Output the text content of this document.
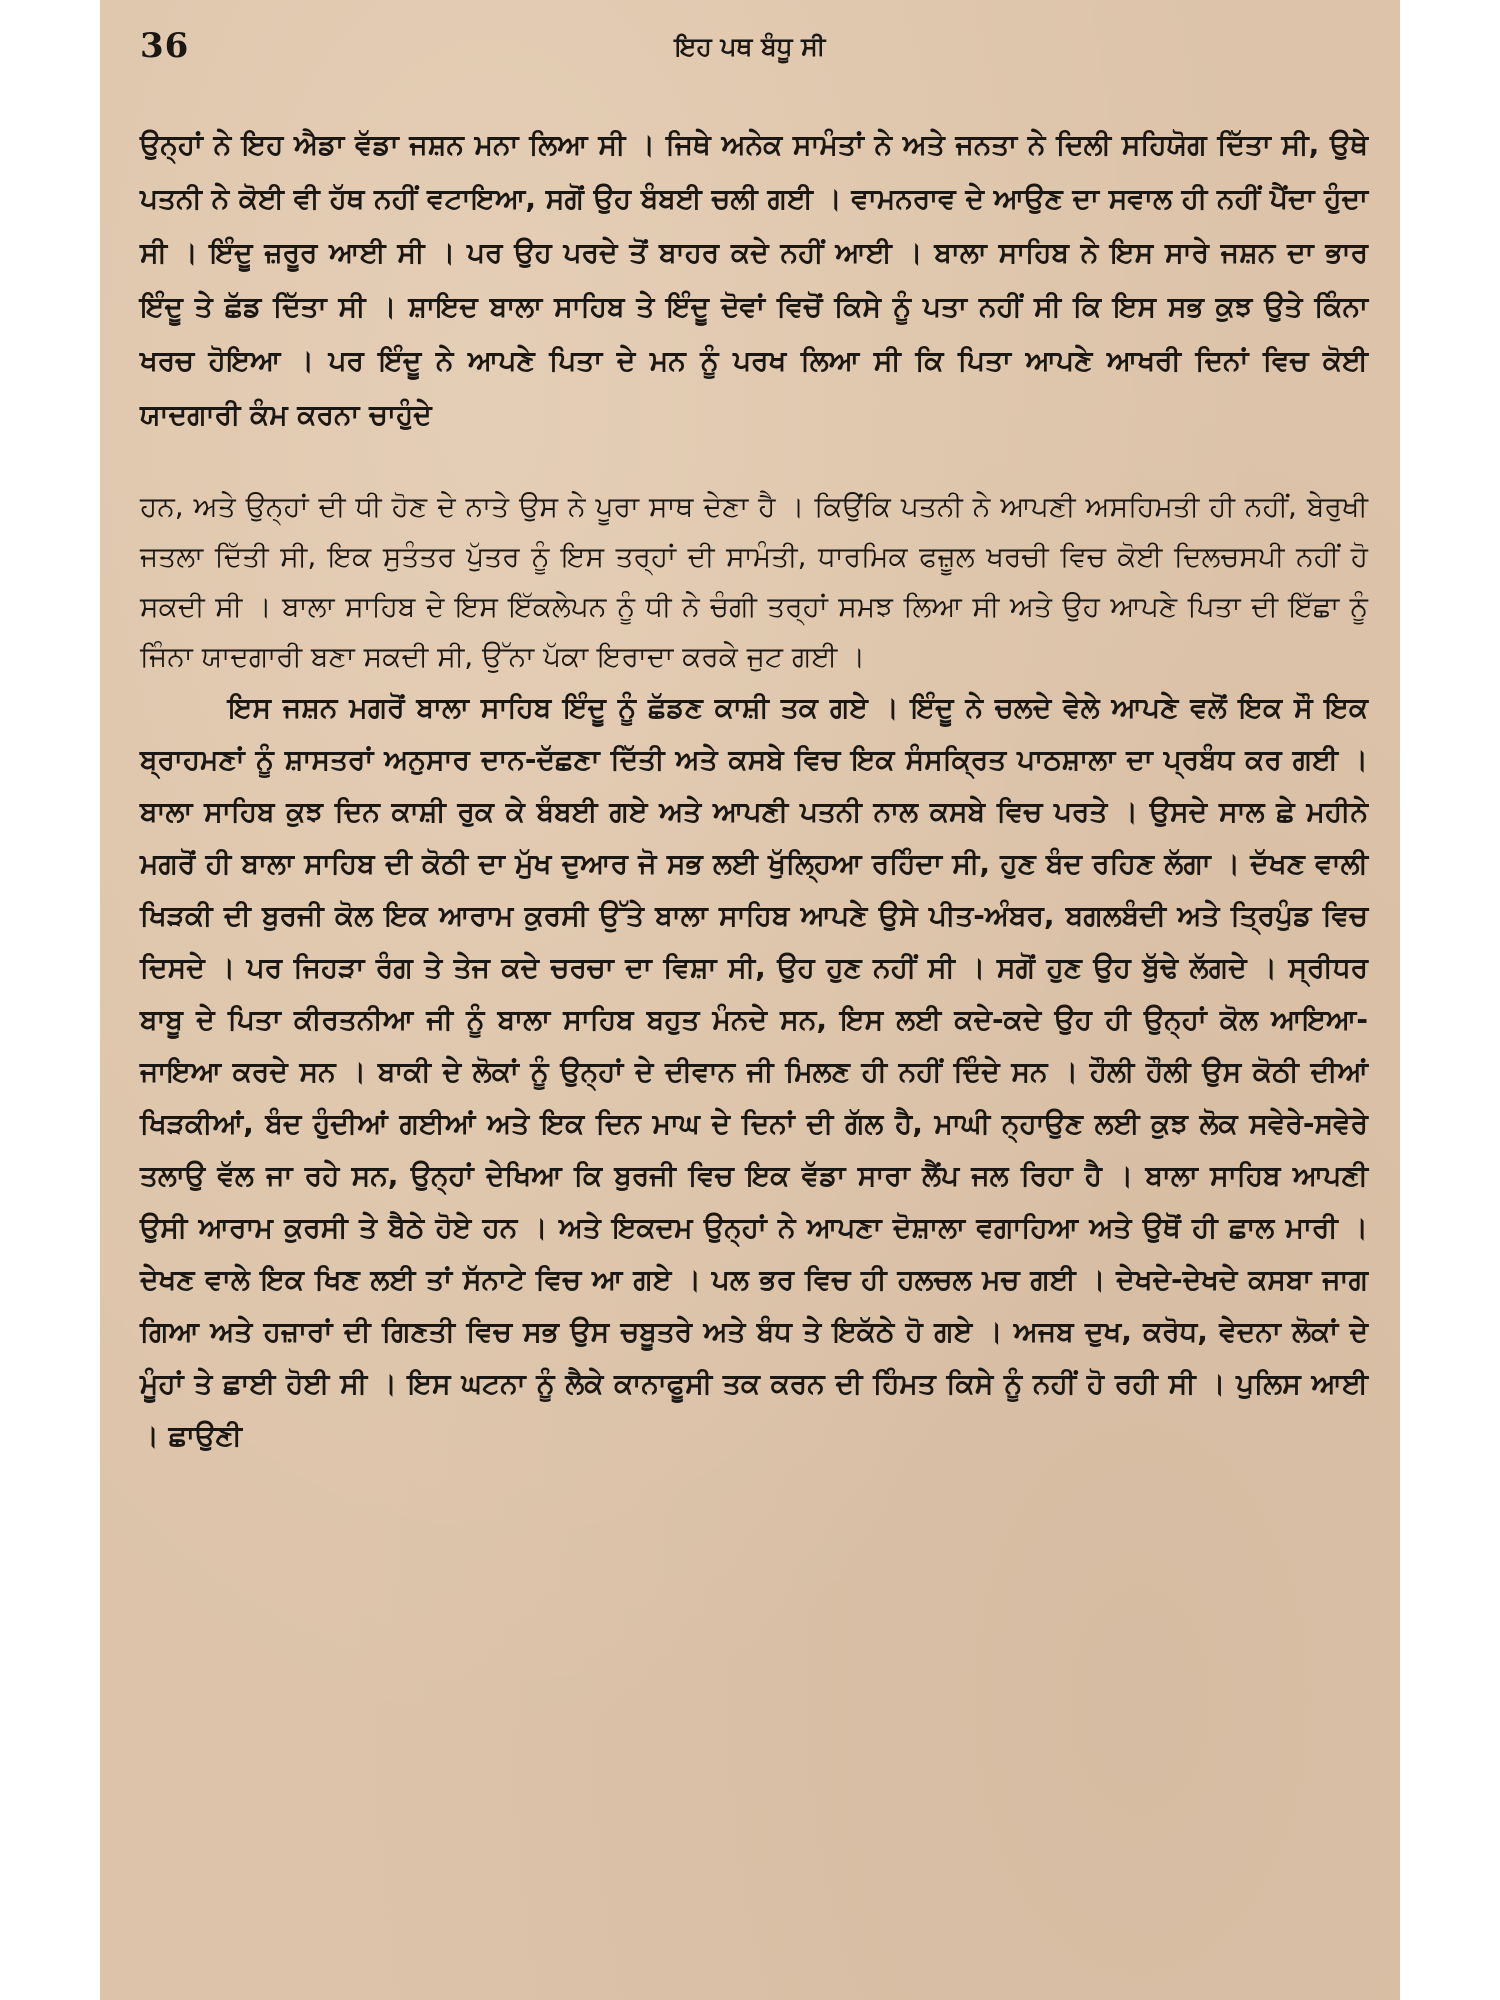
36	ਇਹ ਪਥ ਬੰਧੂ ਸੀ

ਉਨ੍ਹਾਂ ਨੇ ਇਹ ਐਡਾ ਵੱਡਾ ਜਸ਼ਨ ਮਨਾ ਲਿਆ ਸੀ । ਜਿਥੇ ਅਨੇਕ ਸਾਮੰਤਾਂ ਨੇ ਅਤੇ ਜਨਤਾ ਨੇ ਦਿਲੀ ਸਹਿਯੋਗ ਦਿੱਤਾ ਸੀ, ਉਥੇ ਪਤਨੀ ਨੇ ਕੋਈ ਵੀ ਹੱਥ ਨਹੀਂ ਵਟਾਇਆ, ਸਗੋਂ ਉਹ ਬੰਬਈ ਚਲੀ ਗਈ । ਵਾਮਨਰਾਵ ਦੇ ਆਉਣ ਦਾ ਸਵਾਲ ਹੀ ਨਹੀਂ ਪੈਂਦਾ ਹੁੰਦਾ ਸੀ । ਇੰਦੂ ਜ਼ਰੂਰ ਆਈ ਸੀ । ਪਰ ਉਹ ਪਰਦੇ ਤੋਂ ਬਾਹਰ ਕਦੇ ਨਹੀਂ ਆਈ । ਬਾਲਾ ਸਾਹਿਬ ਨੇ ਇਸ ਸਾਰੇ ਜਸ਼ਨ ਦਾ ਭਾਰ ਇੰਦੂ ਤੇ ਛੱਡ ਦਿੱਤਾ ਸੀ । ਸ਼ਾਇਦ ਬਾਲਾ ਸਾਹਿਬ ਤੇ ਇੰਦੂ ਦੋਵਾਂ ਵਿਚੋਂ ਕਿਸੇ ਨੂੰ ਪਤਾ ਨਹੀਂ ਸੀ ਕਿ ਇਸ ਸਭ ਕੁਝ ਉਤੇ ਕਿੰਨਾ ਖਰਚ ਹੋਇਆ । ਪਰ ਇੰਦੂ ਨੇ ਆਪਣੇ ਪਿਤਾ ਦੇ ਮਨ ਨੂੰ ਪਰਖ ਲਿਆ ਸੀ ਕਿ ਪਿਤਾ ਆਪਣੇ ਆਖਰੀ ਦਿਨਾਂ ਵਿਚ ਕੋਈ ਯਾਦਗਾਰੀ ਕੰਮ ਕਰਨਾ ਚਾਹੁੰਦੇ

ਹਨ, ਅਤੇ ਉਨ੍ਹਾਂ ਦੀ ਧੀ ਹੋਣ ਦੇ ਨਾਤੇ ਉਸ ਨੇ ਪੂਰਾ ਸਾਥ ਦੇਣਾ ਹੈ । ਕਿਉਂਕਿ ਪਤਨੀ ਨੇ ਆਪਣੀ ਅਸਹਿਮਤੀ ਹੀ ਨਹੀਂ, ਬੇਰੁਖੀ ਜਤਲਾ ਦਿੱਤੀ ਸੀ, ਇਕ ਸੁਤੰਤਰ ਪੁੱਤਰ ਨੂੰ ਇਸ ਤਰ੍ਹਾਂ ਦੀ ਸਾਮੰਤੀ, ਧਾਰਮਿਕ ਫਜ਼ੂਲ ਖਰਚੀ ਵਿਚ ਕੋਈ ਦਿਲਚਸਪੀ ਨਹੀਂ ਹੋ ਸਕਦੀ ਸੀ । ਬਾਲਾ ਸਾਹਿਬ ਦੇ ਇਸ ਇੱਕਲੇਪਨ ਨੂੰ ਧੀ ਨੇ ਚੰਗੀ ਤਰ੍ਹਾਂ ਸਮਝ ਲਿਆ ਸੀ ਅਤੇ ਉਹ ਆਪਣੇ ਪਿਤਾ ਦੀ ਇੱਛਾ ਨੂੰ ਜਿੰਨਾ ਯਾਦਗਾਰੀ ਬਣਾ ਸਕਦੀ ਸੀ, ਉੱਨਾ ਪੱਕਾ ਇਰਾਦਾ ਕਰਕੇ ਜੁਟ ਗਈ ।

ਇਸ ਜਸ਼ਨ ਮਗਰੋਂ ਬਾਲਾ ਸਾਹਿਬ ਇੰਦੂ ਨੂੰ ਛੱਡਣ ਕਾਸ਼ੀ ਤਕ ਗਏ । ਇੰਦੂ ਨੇ ਚਲਦੇ ਵੇਲੇ ਆਪਣੇ ਵਲੋਂ ਇਕ ਸੌ ਇਕ ਬ੍ਰਾਹਮਣਾਂ ਨੂੰ ਸ਼ਾਸਤਰਾਂ ਅਨੁਸਾਰ ਦਾਨ-ਦੱਛਣਾ ਦਿੱਤੀ ਅਤੇ ਕਸਬੇ ਵਿਚ ਇਕ ਸੰਸਕ੍ਰਿਤ ਪਾਠਸ਼ਾਲਾ ਦਾ ਪ੍ਰਬੰਧ ਕਰ ਗਈ । ਬਾਲਾ ਸਾਹਿਬ ਕੁਝ ਦਿਨ ਕਾਸ਼ੀ ਰੁਕ ਕੇ ਬੰਬਈ ਗਏ ਅਤੇ ਆਪਣੀ ਪਤਨੀ ਨਾਲ ਕਸਬੇ ਵਿਚ ਪਰਤੇ । ਉਸਦੇ ਸਾਲ ਛੇ ਮਹੀਨੇ ਮਗਰੋਂ ਹੀ ਬਾਲਾ ਸਾਹਿਬ ਦੀ ਕੋਠੀ ਦਾ ਮੁੱਖ ਦੁਆਰ ਜੋ ਸਭ ਲਈ ਖੁੱਲ੍ਹਿਆ ਰਹਿੰਦਾ ਸੀ, ਹੁਣ ਬੰਦ ਰਹਿਣ ਲੱਗਾ । ਦੱਖਣ ਵਾਲੀ ਖਿੜਕੀ ਦੀ ਬੁਰਜੀ ਕੋਲ ਇਕ ਆਰਾਮ ਕੁਰਸੀ ਉੱਤੇ ਬਾਲਾ ਸਾਹਿਬ ਆਪਣੇ ਉਸੇ ਪੀਤ-ਅੰਬਰ, ਬਗਲਬੰਦੀ ਅਤੇ ਤ੍ਰਿਪੁੰਡ ਵਿਚ ਦਿਸਦੇ । ਪਰ ਜਿਹੜਾ ਰੰਗ ਤੇ ਤੇਜ ਕਦੇ ਚਰਚਾ ਦਾ ਵਿਸ਼ਾ ਸੀ, ਉਹ ਹੁਣ ਨਹੀਂ ਸੀ । ਸਗੋਂ ਹੁਣ ਉਹ ਬੁੱਢੇ ਲੱਗਦੇ । ਸ੍ਰੀਧਰ ਬਾਬੂ ਦੇ ਪਿਤਾ ਕੀਰਤਨੀਆ ਜੀ ਨੂੰ ਬਾਲਾ ਸਾਹਿਬ ਬਹੁਤ ਮੰਨਦੇ ਸਨ, ਇਸ ਲਈ ਕਦੇ-ਕਦੇ ਉਹ ਹੀ ਉਨ੍ਹਾਂ ਕੋਲ ਆਇਆ-ਜਾਇਆ ਕਰਦੇ ਸਨ । ਬਾਕੀ ਦੇ ਲੋਕਾਂ ਨੂੰ ਉਨ੍ਹਾਂ ਦੇ ਦੀਵਾਨ ਜੀ ਮਿਲਣ ਹੀ ਨਹੀਂ ਦਿੰਦੇ ਸਨ । ਹੌਲੀ ਹੌਲੀ ਉਸ ਕੋਠੀ ਦੀਆਂ ਖਿੜਕੀਆਂ, ਬੰਦ ਹੁੰਦੀਆਂ ਗਈਆਂ ਅਤੇ ਇਕ ਦਿਨ ਮਾਘ ਦੇ ਦਿਨਾਂ ਦੀ ਗੱਲ ਹੈ, ਮਾਘੀ ਨ੍ਹਾਉਣ ਲਈ ਕੁਝ ਲੋਕ ਸਵੇਰੇ-ਸਵੇਰੇ ਤਲਾਉ ਵੱਲ ਜਾ ਰਹੇ ਸਨ, ਉਨ੍ਹਾਂ ਦੇਖਿਆ ਕਿ ਬੁਰਜੀ ਵਿਚ ਇਕ ਵੱਡਾ ਸਾਰਾ ਲੈਂਪ ਜਲ ਰਿਹਾ ਹੈ । ਬਾਲਾ ਸਾਹਿਬ ਆਪਣੀ ਉਸੀ ਆਰਾਮ ਕੁਰਸੀ ਤੇ ਬੈਠੇ ਹੋਏ ਹਨ । ਅਤੇ ਇਕਦਮ ਉਨ੍ਹਾਂ ਨੇ ਆਪਣਾ ਦੋਸ਼ਾਲਾ ਵਗਾਹਿਆ ਅਤੇ ਉਥੋਂ ਹੀ ਛਾਲ ਮਾਰੀ । ਦੇਖਣ ਵਾਲੇ ਇਕ ਖਿਣ ਲਈ ਤਾਂ ਸੱਨਾਟੇ ਵਿਚ ਆ ਗਏ । ਪਲ ਭਰ ਵਿਚ ਹੀ ਹਲਚਲ ਮਚ ਗਈ । ਦੇਖਦੇ-ਦੇਖਦੇ ਕਸਬਾ ਜਾਗ ਗਿਆ ਅਤੇ ਹਜ਼ਾਰਾਂ ਦੀ ਗਿਣਤੀ ਵਿਚ ਸਭ ਉਸ ਚਬੂਤਰੇ ਅਤੇ ਬੰਧ ਤੇ ਇਕੱਠੇ ਹੋ ਗਏ । ਅਜਬ ਦੁਖ, ਕਰੋਧ, ਵੇਦਨਾ ਲੋਕਾਂ ਦੇ ਮੂੰਹਾਂ ਤੇ ਛਾਈ ਹੋਈ ਸੀ । ਇਸ ਘਟਨਾ ਨੂੰ ਲੈਕੇ ਕਾਨਾਫੂਸੀ ਤਕ ਕਰਨ ਦੀ ਹਿੰਮਤ ਕਿਸੇ ਨੂੰ ਨਹੀਂ ਹੋ ਰਹੀ ਸੀ । ਪੁਲਿਸ ਆਈ । ਛਾਉਣੀ
